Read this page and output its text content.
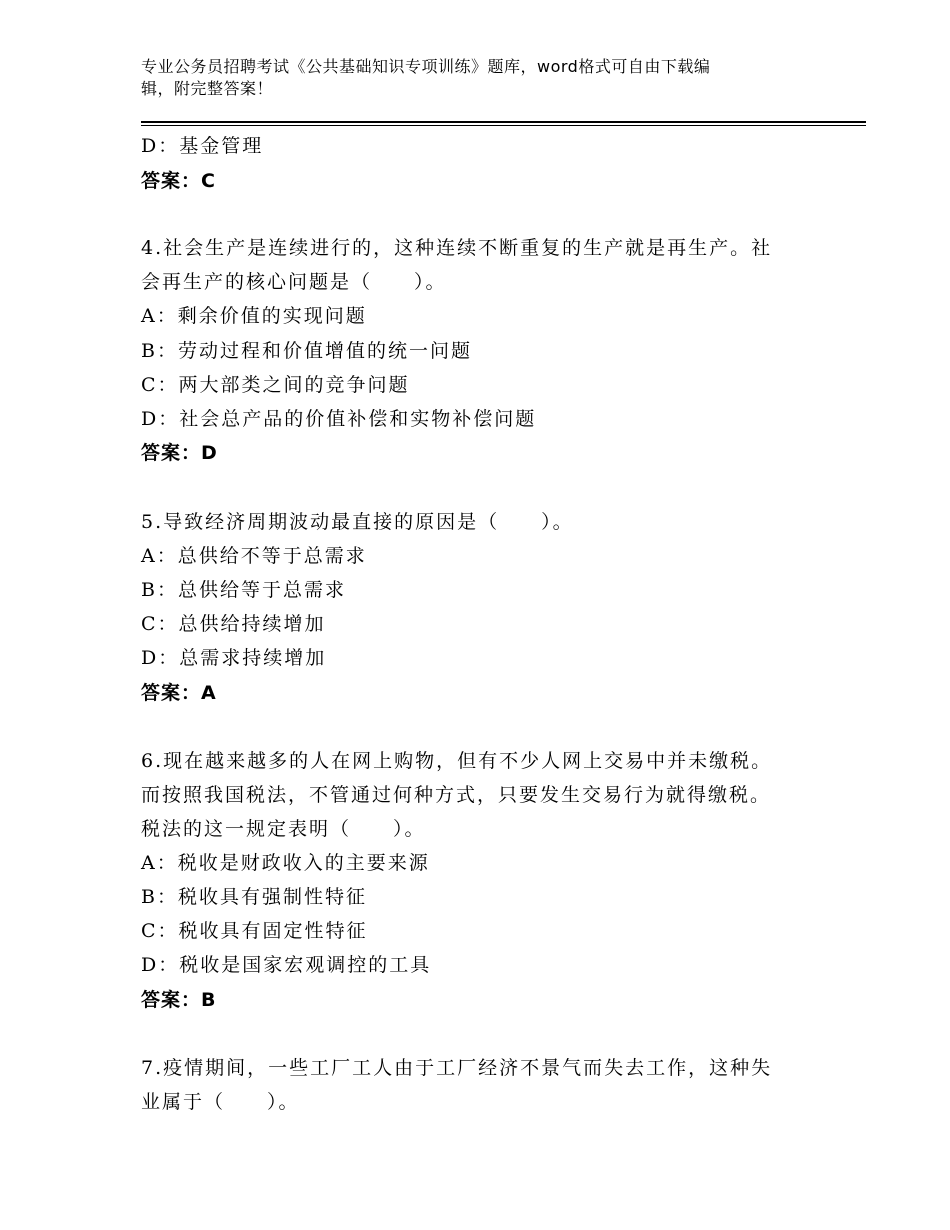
专业公务员招聘考试《公共基础知识专项训练》题库，word格式可自由下载编
辑，附完整答案！
D：基金管理
答案：C
4.社会生产是连续进行的，这种连续不断重复的生产就是再生产。社
会再生产的核心问题是（　　）。
A：剩余价值的实现问题
B：劳动过程和价值增值的统一问题
C：两大部类之间的竞争问题
D：社会总产品的价值补偿和实物补偿问题
答案：D
5.导致经济周期波动最直接的原因是（　　）。
A：总供给不等于总需求
B：总供给等于总需求
C：总供给持续增加
D：总需求持续增加
答案：A
6.现在越来越多的人在网上购物，但有不少人网上交易中并未缴税。
而按照我国税法，不管通过何种方式，只要发生交易行为就得缴税。
税法的这一规定表明（　　）。
A：税收是财政收入的主要来源
B：税收具有强制性特征
C：税收具有固定性特征
D：税收是国家宏观调控的工具
答案：B
7.疫情期间，一些工厂工人由于工厂经济不景气而失去工作，这种失
业属于（　　）。
